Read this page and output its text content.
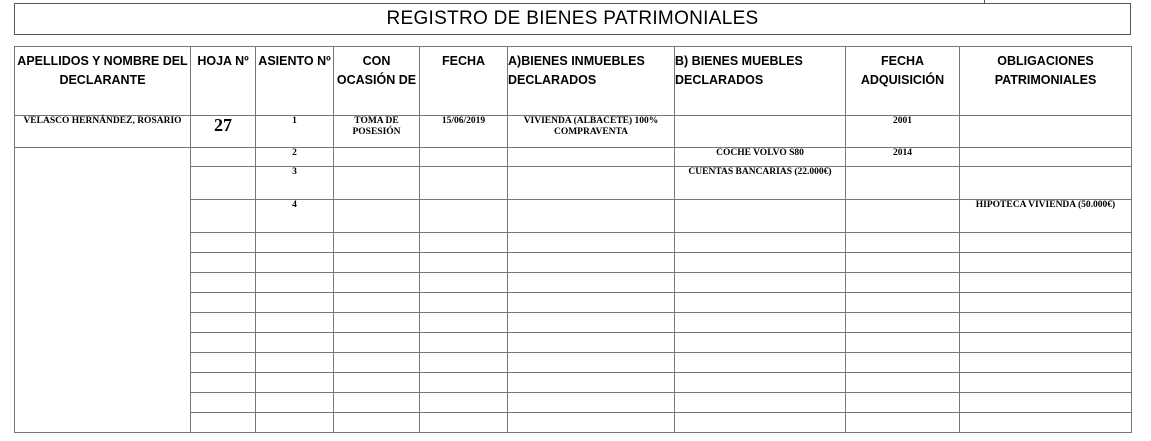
REGISTRO DE BIENES PATRIMONIALES
APELLIDOS Y NOMBRE DEL DECLARANTE	HOJA Nº	ASIENTO Nº	CON OCASIÓN DE	FECHA	A)BIENES INMUEBLES DECLARADOS	B) BIENES MUEBLES DECLARADOS	FECHA ADQUISICIÓN	OBLIGACIONES PATRIMONIALES
VELASCO HERNÁNDEZ, ROSARIO	27	1	TOMA DE POSESIÓN	15/06/2019	VIVIENDA (ALBACETE) 100% COMPRAVENTA		2001	
		2				COCHE VOLVO S80	2014	
		3				CUENTAS BANCARIAS (22.000€)		
		4						HIPOTECA VIVIENDA (50.000€)
